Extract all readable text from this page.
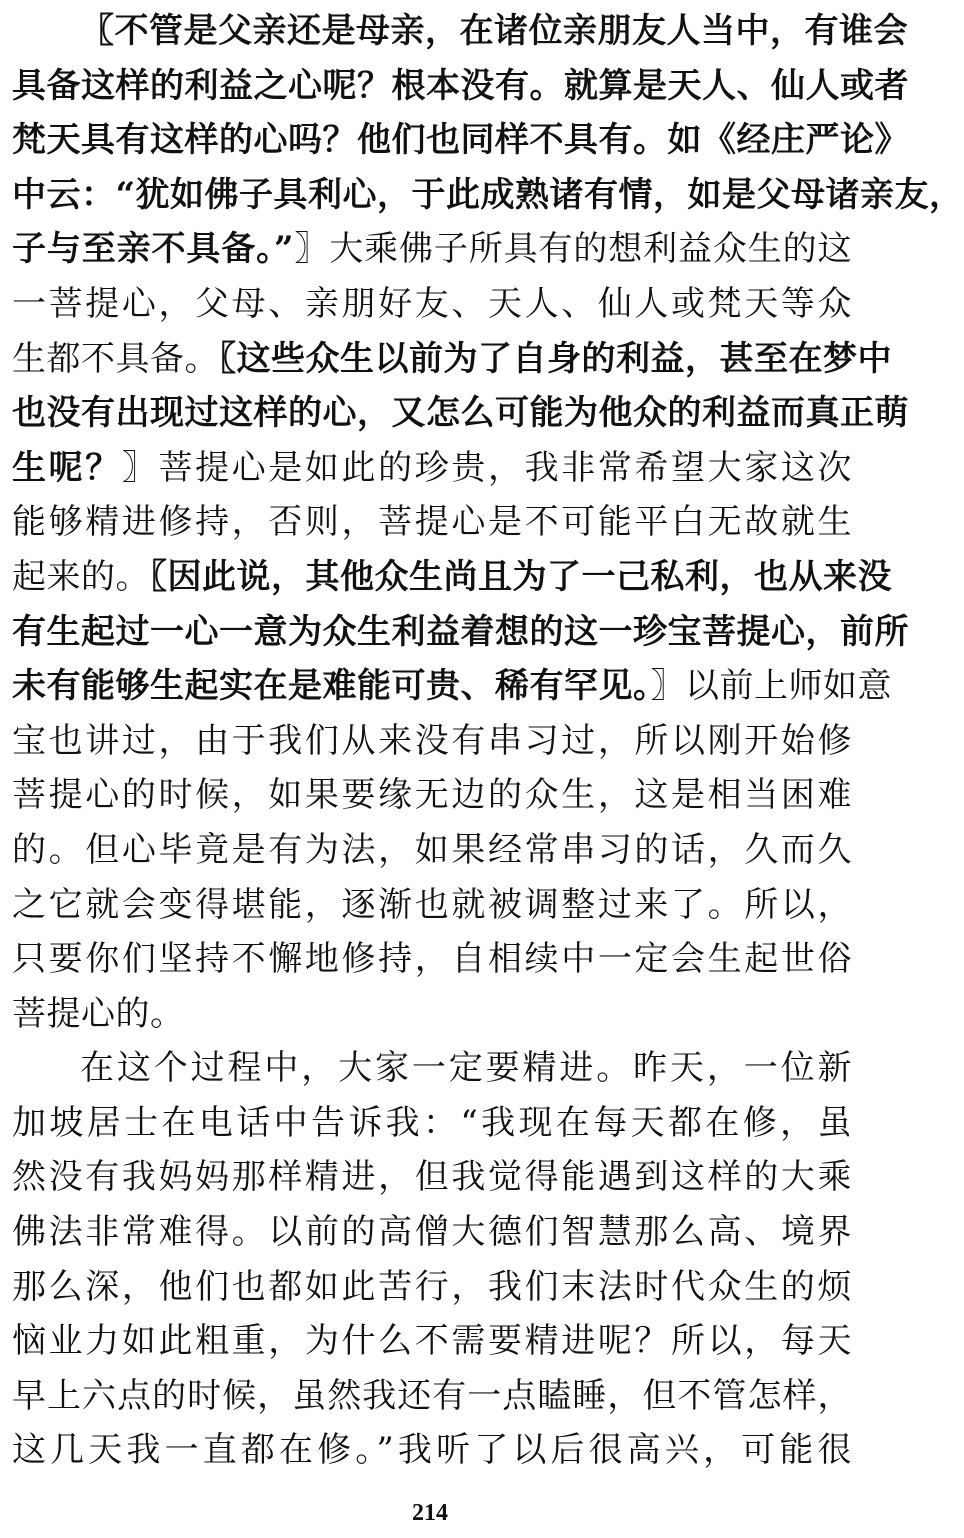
〖不管是父亲还是母亲，在诸位亲朋友人当中，有谁会
具备这样的利益之心呢？根本没有。就算是天人、仙人或者
梵天具有这样的心吗？他们也同样不具有。如《经庄严论》
中云：“犹如佛子具利心，于此成熟诸有情，如是父母诸亲友，
子与至亲不具备。”〗大乘佛子所具有的想利益众生的这
一菩提心，父母、亲朋好友、天人、仙人或梵天等众
生都不具备。〖这些众生以前为了自身的利益，甚至在梦中
也没有出现过这样的心，又怎么可能为他众的利益而真正萌
生呢？〗菩提心是如此的珍贵，我非常希望大家这次
能够精进修持，否则，菩提心是不可能平白无故就生
起来的。〖因此说，其他众生尚且为了一己私利，也从来没
有生起过一心一意为众生利益着想的这一珍宝菩提心，前所
未有能够生起实在是难能可贵、稀有罕见。〗以前上师如意
宝也讲过，由于我们从来没有串习过，所以刚开始修
菩提心的时候，如果要缘无边的众生，这是相当困难
的。但心毕竟是有为法，如果经常串习的话，久而久
之它就会变得堪能，逐渐也就被调整过来了。所以，
只要你们坚持不懈地修持，自相续中一定会生起世俗
菩提心的。
在这个过程中，大家一定要精进。昨天，一位新
加坡居士在电话中告诉我：“我现在每天都在修，虽
然没有我妈妈那样精进，但我觉得能遇到这样的大乘
佛法非常难得。以前的高僧大德们智慧那么高、境界
那么深，他们也都如此苦行，我们末法时代众生的烦
恼业力如此粗重，为什么不需要精进呢？所以，每天
早上六点的时候，虽然我还有一点瞌睡，但不管怎样，
这几天我一直都在修。”我听了以后很高兴，可能很
214
